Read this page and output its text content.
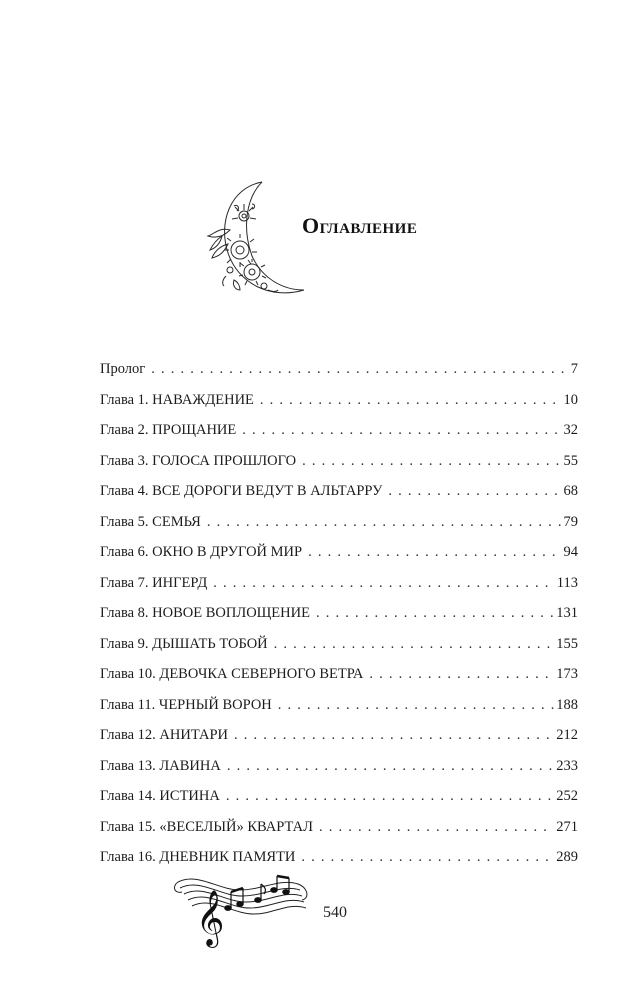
Оглавление
Пролог . . .	7
Глава 1. НАВАЖДЕНИЕ . . .	10
Глава 2. ПРОЩАНИЕ . . .	32
Глава 3. ГОЛОСА ПРОШЛОГО . . .	55
Глава 4. ВСЕ ДОРОГИ ВЕДУТ В АЛЬТАРРУ . . .	68
Глава 5. СЕМЬЯ . . .	79
Глава 6. ОКНО В ДРУГОЙ МИР . . .	94
Глава 7. ИНГЕРД . . .	113
Глава 8. НОВОЕ ВОПЛОЩЕНИЕ . . .	131
Глава 9. ДЫШАТЬ ТОБОЙ . . .	155
Глава 10. ДЕВОЧКА СЕВЕРНОГО ВЕТРА . . .	173
Глава 11. ЧЕРНЫЙ ВОРОН . . .	188
Глава 12. АНИТАРИ . . .	212
Глава 13. ЛАВИНА . . .	233
Глава 14. ИСТИНА . . .	252
Глава 15. «ВЕСЕЛЫЙ» КВАРТАЛ . . .	271
Глава 16. ДНЕВНИК ПАМЯТИ . . .	289
𝄞	540
